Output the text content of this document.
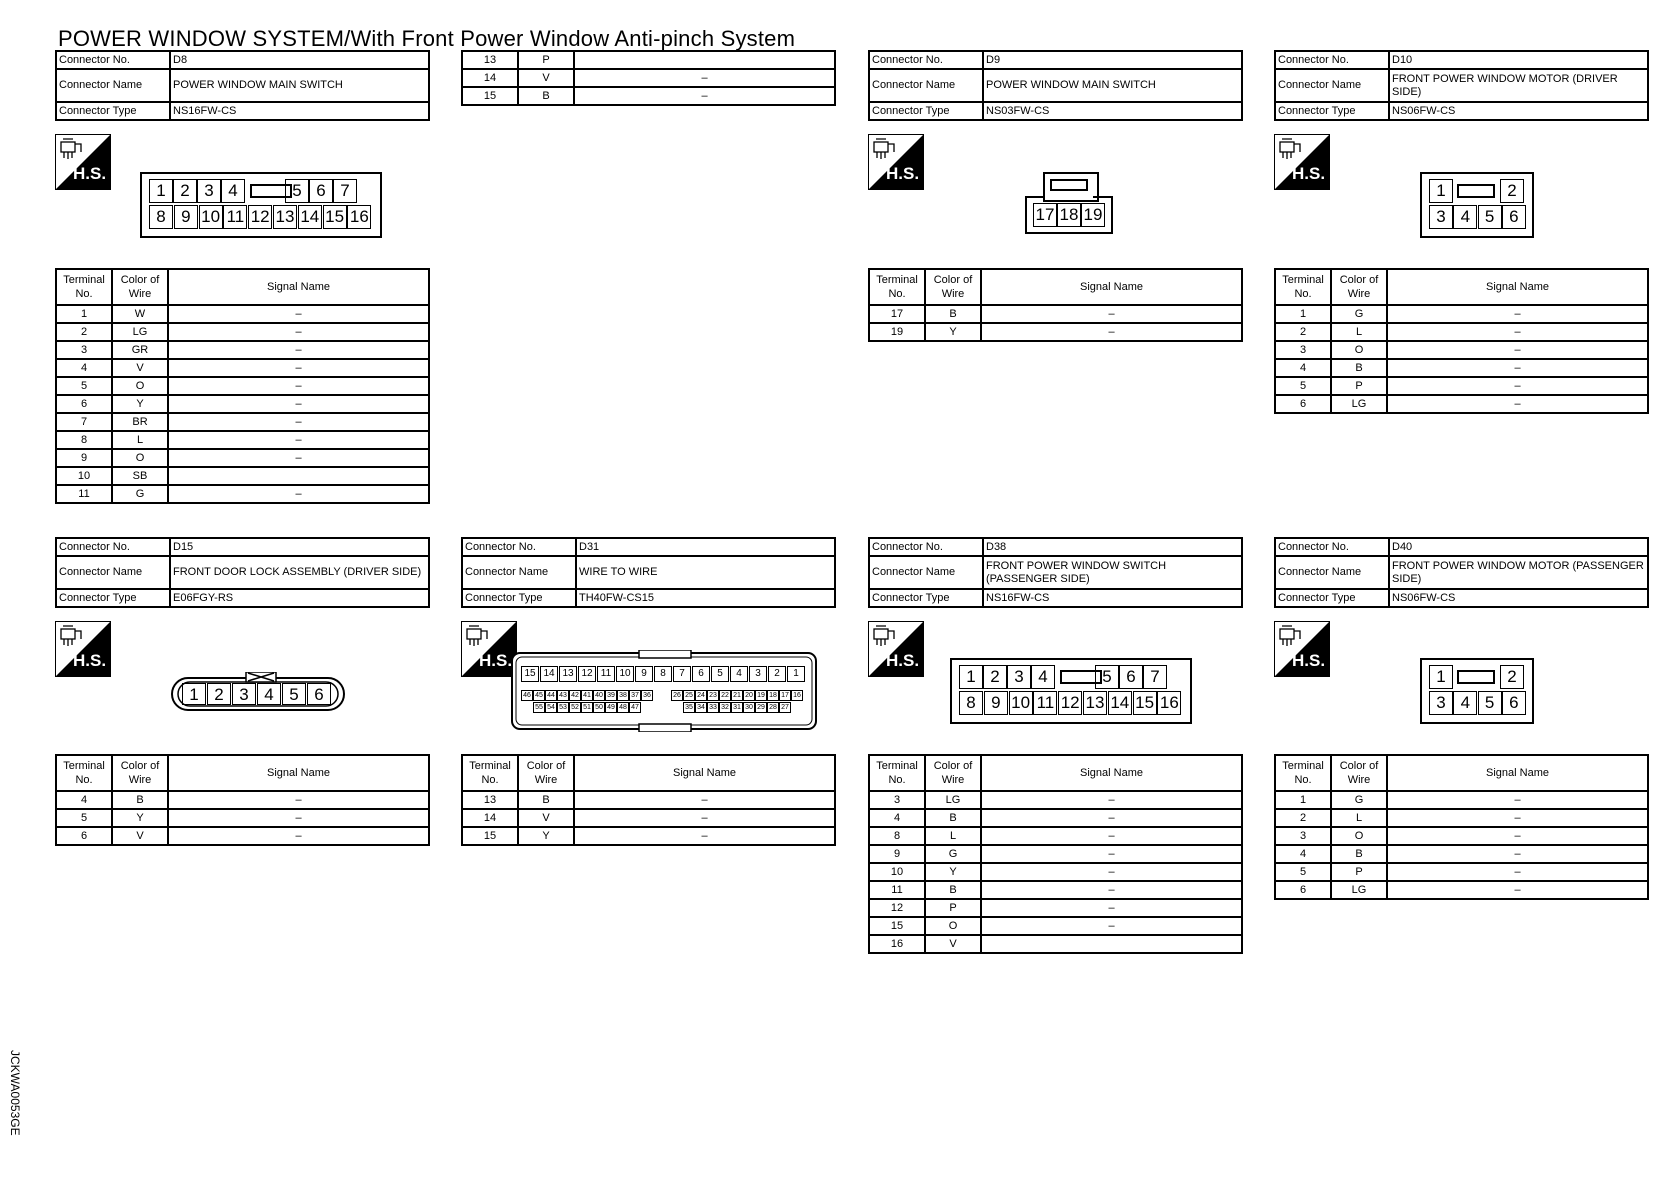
POWER WINDOW SYSTEM/With Front Power Window Anti-pinch System
Connector No.	D8
Connector Name	POWER WINDOW MAIN SWITCH
Connector Type	NS16FW-CS
H.S.
1 2 3 4	5 6 7
8 9 10 11 12 13 14 15 16
Terminal No.	Color of Wire	Signal Name
1	W	–
2	LG	–
3	GR	–
4	V	–
5	O	–
6	Y	–
7	BR	–
8	L	–
9	O	–
10	SB	
11	G	–
13	P	
14	V	–
15	B	–
Connector No.	D9
Connector Name	POWER WINDOW MAIN SWITCH
Connector Type	NS03FW-CS
H.S.
17 18 19
Terminal No.	Color of Wire	Signal Name
17	B	–
19	Y	–
Connector No.	D10
Connector Name	FRONT POWER WINDOW MOTOR (DRIVER SIDE)
Connector Type	NS06FW-CS
H.S.
1	2
3 4 5 6
Terminal No.	Color of Wire	Signal Name
1	G	–
2	L	–
3	O	–
4	B	–
5	P	–
6	LG	–
Connector No.	D15
Connector Name	FRONT DOOR LOCK ASSEMBLY (DRIVER SIDE)
Connector Type	E06FGY-RS
H.S.
1 2 3 4 5 6
Terminal No.	Color of Wire	Signal Name
4	B	–
5	Y	–
6	V	–
Connector No.	D31
Connector Name	WIRE TO WIRE
Connector Type	TH40FW-CS15
H.S.
15 14 13 12 11 10	9	8	7	6	5	4	3	2	1
46 45 44 43 42 41 40 39 38 37 36	26 25 24 23 22 21 20 19 18 17 16
55 54 53 52 51 50 49 48 47	35 34 33 32 31 30 29 28 27
Terminal No.	Color of Wire	Signal Name
13	B	–
14	V	–
15	Y	–
Connector No.	D38
Connector Name	FRONT POWER WINDOW SWITCH (PASSENGER SIDE)
Connector Type	NS16FW-CS
H.S.
1 2 3 4	5 6 7
8 9 10 11 12 13 14 15 16
Terminal No.	Color of Wire	Signal Name
3	LG	–
4	B	–
8	L	–
9	G	–
10	Y	–
11	B	–
12	P	–
15	O	–
16	V	
Connector No.	D40
Connector Name	FRONT POWER WINDOW MOTOR (PASSENGER SIDE)
Connector Type	NS06FW-CS
H.S.
1	2
3 4 5 6
Terminal No.	Color of Wire	Signal Name
1	G	–
2	L	–
3	O	–
4	B	–
5	P	–
6	LG	–
JCKWA0053GE
